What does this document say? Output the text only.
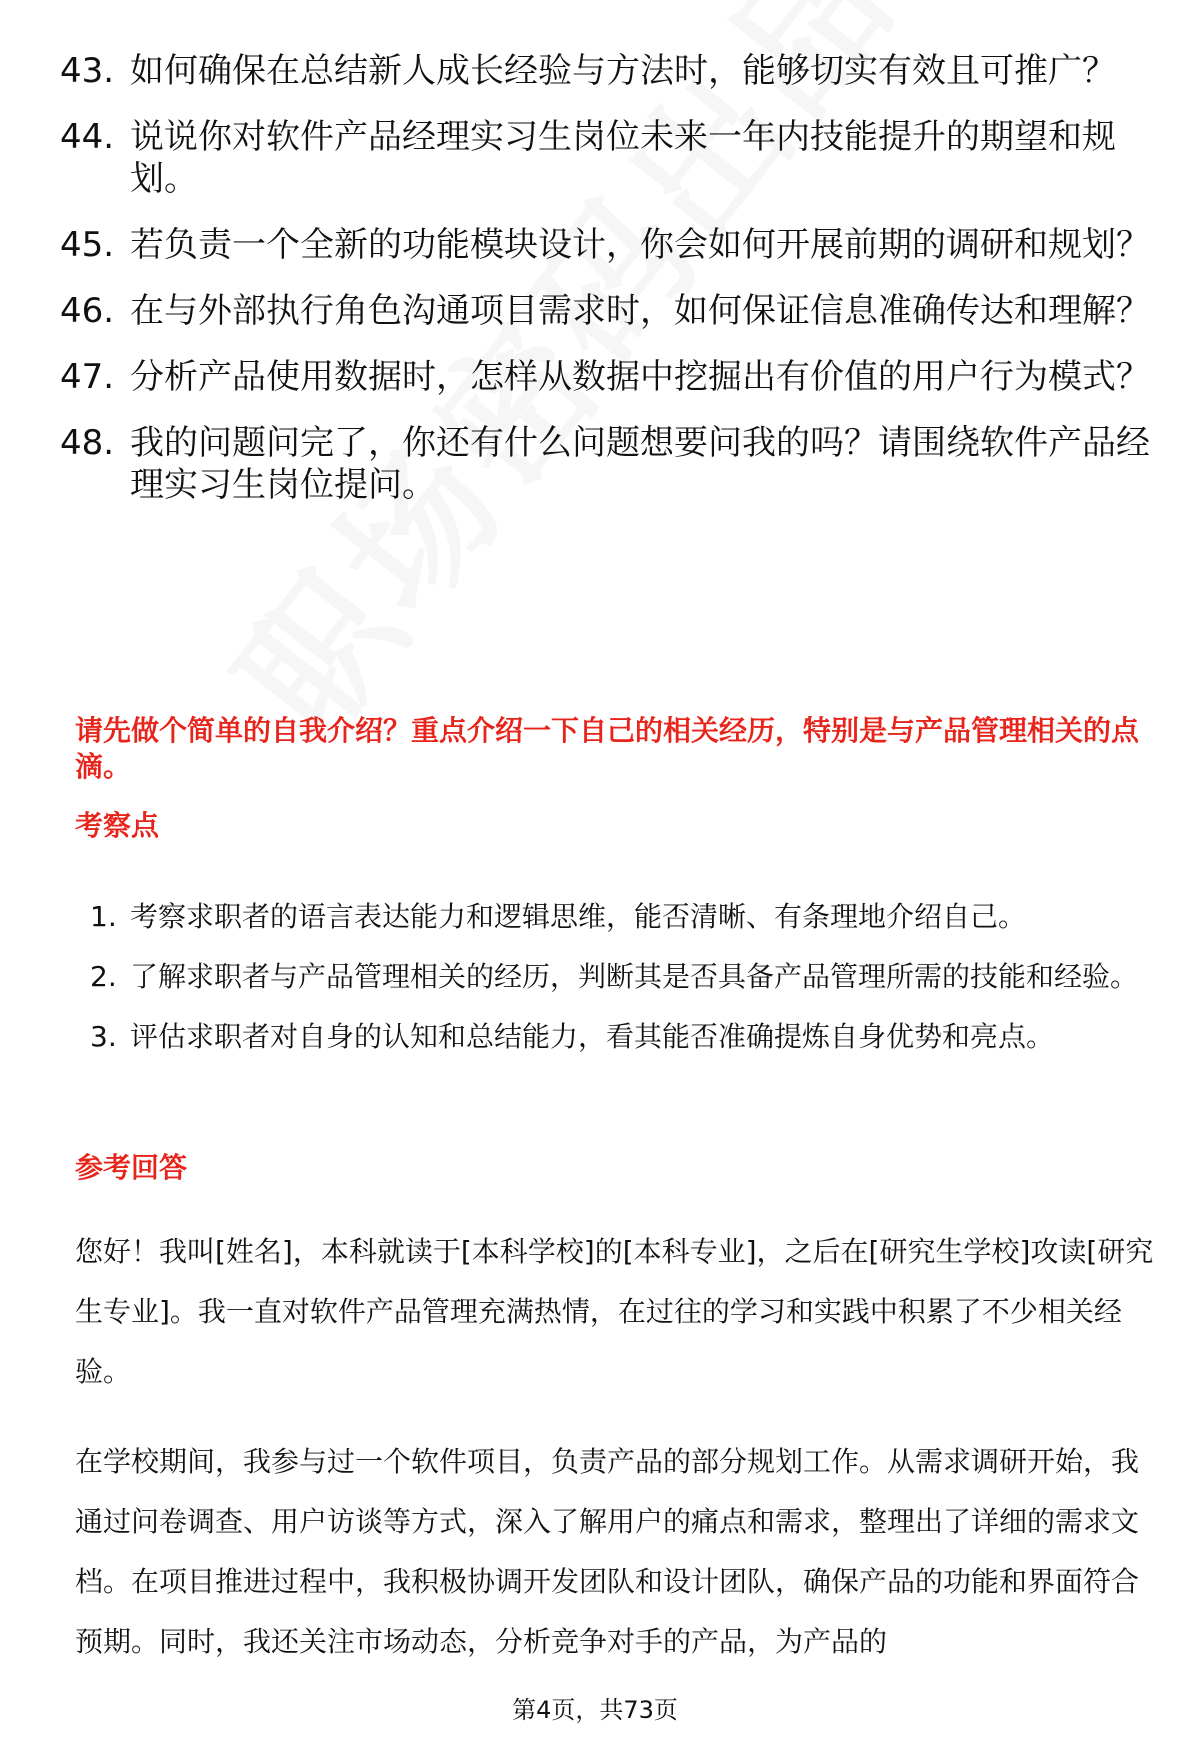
43. 如何确保在总结新人成长经验与方法时，能够切实有效且可推广？
44. 说说你对软件产品经理实习生岗位未来一年内技能提升的期望和规划。
45. 若负责一个全新的功能模块设计，你会如何开展前期的调研和规划？
46. 在与外部执行角色沟通项目需求时，如何保证信息准确传达和理解？
47. 分析产品使用数据时，怎样从数据中挖掘出有价值的用户行为模式？
48. 我的问题问完了，你还有什么问题想要问我的吗？请围绕软件产品经理实习生岗位提问。
请先做个简单的自我介绍？重点介绍一下自己的相关经历，特别是与产品管理相关的点滴。
考察点
1. 考察求职者的语言表达能力和逻辑思维，能否清晰、有条理地介绍自己。
2. 了解求职者与产品管理相关的经历，判断其是否具备产品管理所需的技能和经验。
3. 评估求职者对自身的认知和总结能力，看其能否准确提炼自身优势和亮点。
参考回答

您好！我叫[姓名]，本科就读于[本科学校]的[本科专业]，之后在[研究生学校]攻读[研究生专业]。我一直对软件产品管理充满热情，在过往的学习和实践中积累了不少相关经验。

在学校期间，我参与过一个软件项目，负责产品的部分规划工作。从需求调研开始，我通过问卷调查、用户访谈等方式，深入了解用户的痛点和需求，整理出了详细的需求文档。在项目推进过程中，我积极协调开发团队和设计团队，确保产品的功能和界面符合预期。同时，我还关注市场动态，分析竞争对手的产品，为产品的

第4页，共73页
